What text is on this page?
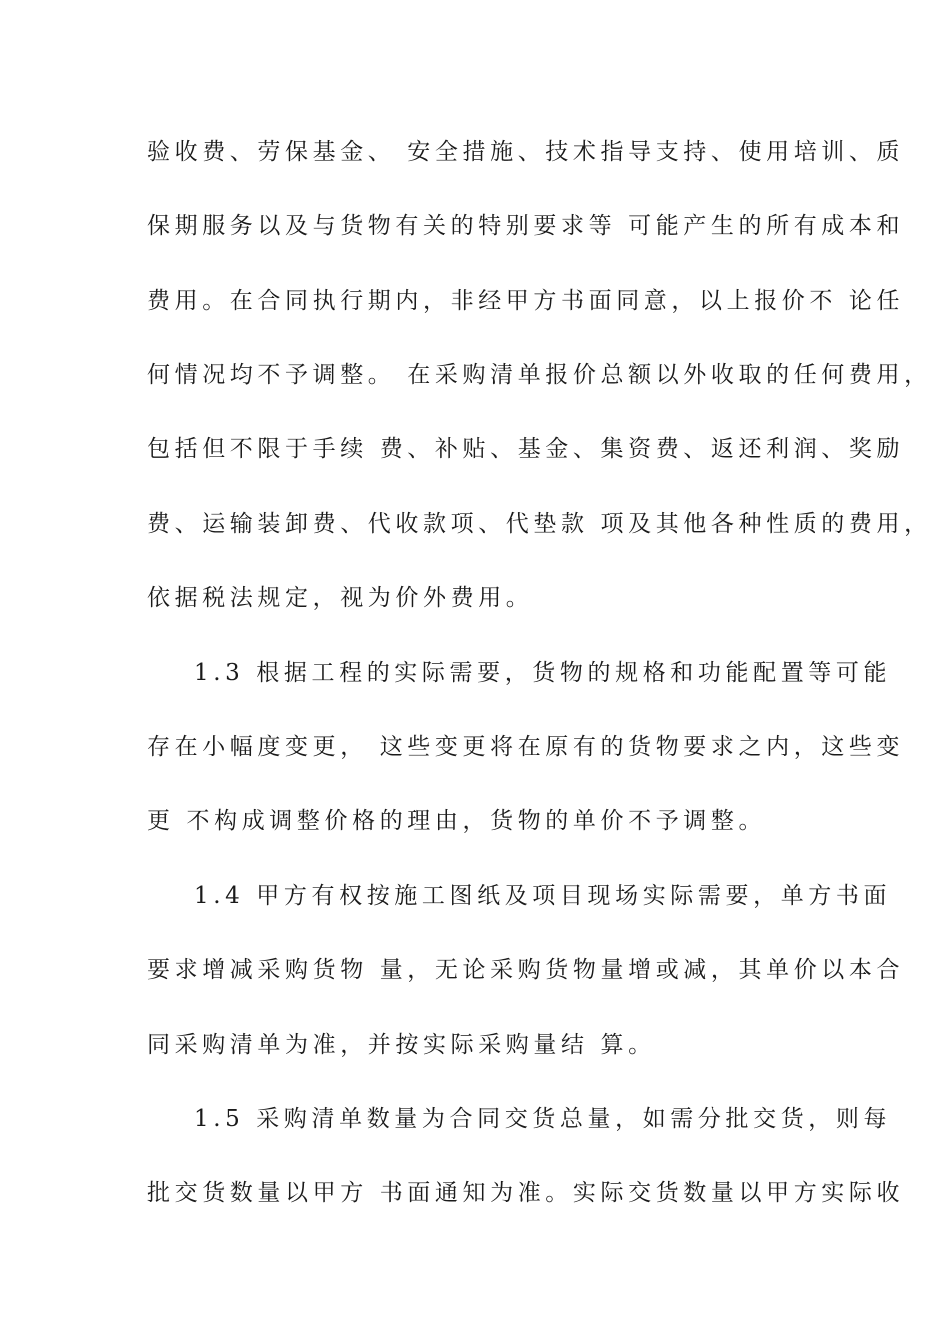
验收费、劳保基金、 安全措施、技术指导支持、使用培训、质
保期服务以及与货物有关的特别要求等 可能产生的所有成本和
费用。在合同执行期内，非经甲方书面同意，以上报价不 论任
何情况均不予调整。 在采购清单报价总额以外收取的任何费用，
包括但不限于手续 费、补贴、基金、集资费、返还利润、奖励
费、运输装卸费、代收款项、代垫款 项及其他各种性质的费用，
依据税法规定，视为价外费用。
1.3 根据工程的实际需要，货物的规格和功能配置等可能
存在小幅度变更， 这些变更将在原有的货物要求之内，这些变
更 不构成调整价格的理由，货物的单价不予调整。
1.4 甲方有权按施工图纸及项目现场实际需要，单方书面
要求增减采购货物 量，无论采购货物量增或减，其单价以本合
同采购清单为准，并按实际采购量结 算。
1.5 采购清单数量为合同交货总量，如需分批交货，则每
批交货数量以甲方 书面通知为准。实际交货数量以甲方实际收
